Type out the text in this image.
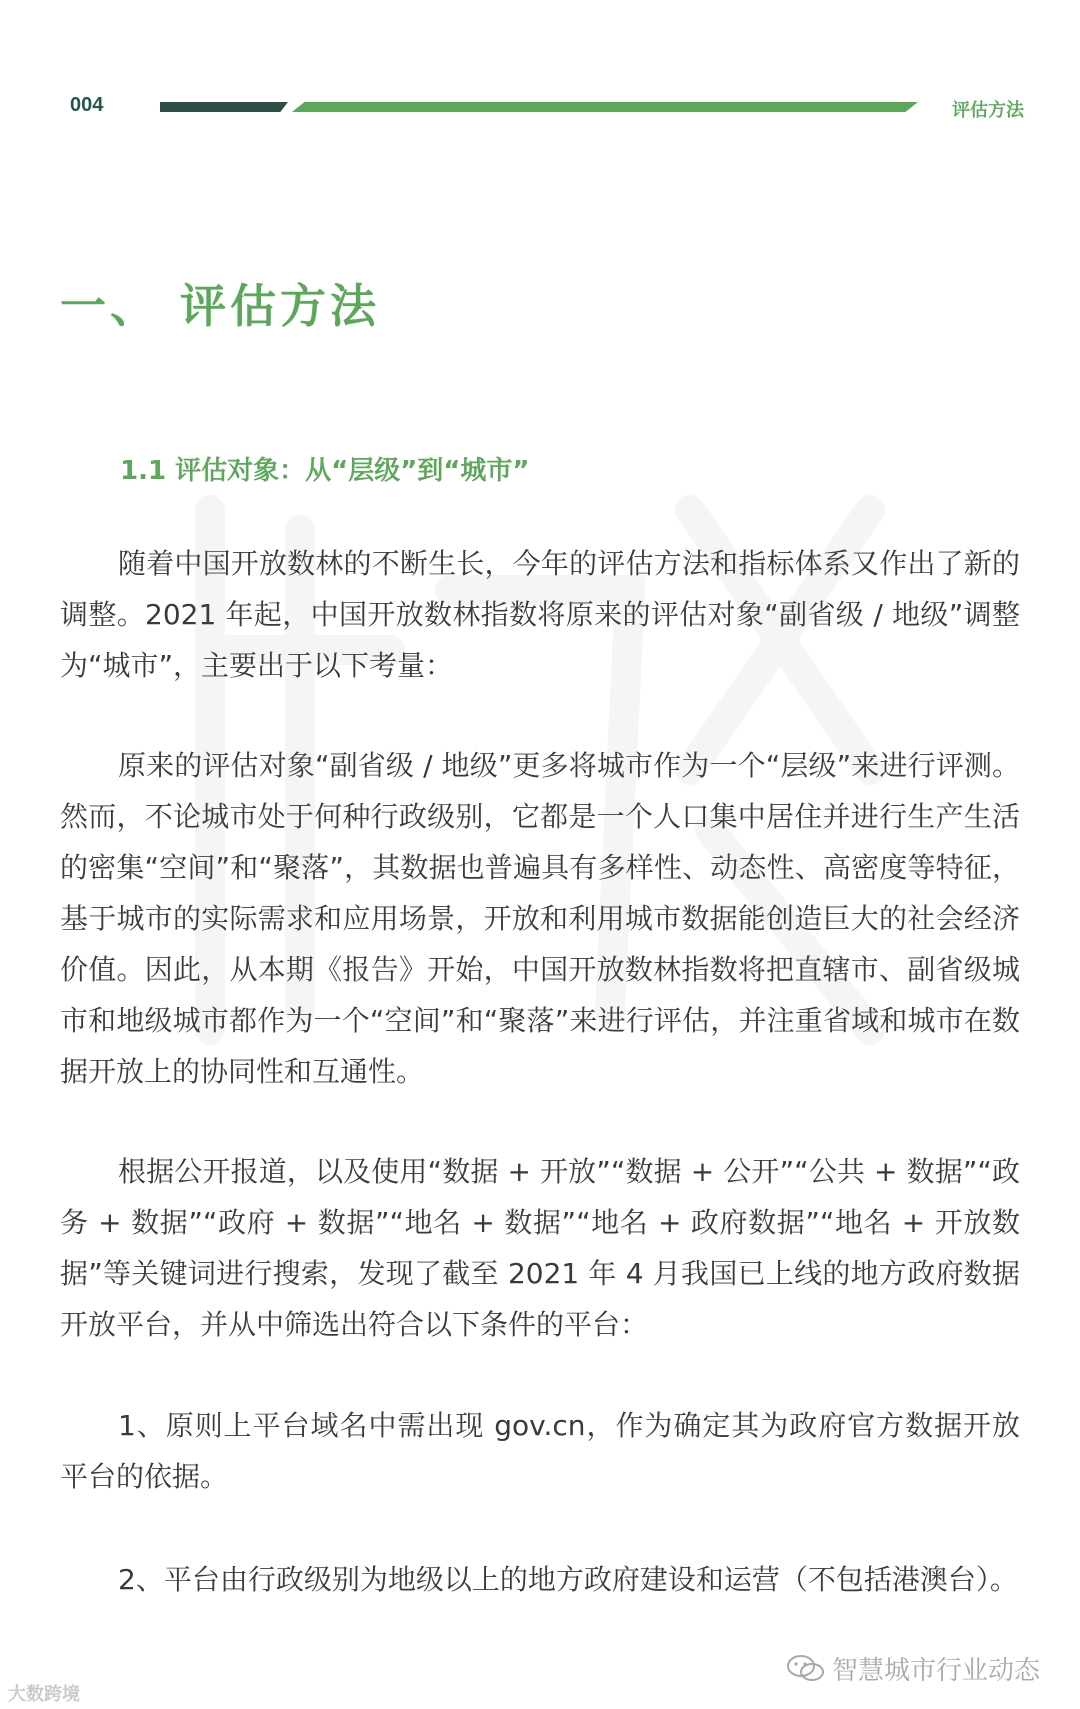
004	评估方法
一、 评估方法
1.1 评估对象：从“层级”到“城市”

随着中国开放数林的不断生长，今年的评估方法和指标体系又作出了新的调整。2021 年起，中国开放数林指数将原来的评估对象“副省级 / 地级”调整为“城市”，主要出于以下考量：

原来的评估对象“副省级 / 地级”更多将城市作为一个“层级”来进行评测。然而，不论城市处于何种行政级别，它都是一个人口集中居住并进行生产生活的密集“空间”和“聚落”，其数据也普遍具有多样性、动态性、高密度等特征，基于城市的实际需求和应用场景，开放和利用城市数据能创造巨大的社会经济价值。因此，从本期《报告》开始，中国开放数林指数将把直辖市、副省级城市和地级城市都作为一个“空间”和“聚落”来进行评估，并注重省域和城市在数据开放上的协同性和互通性。

根据公开报道，以及使用“数据 + 开放”“数据 + 公开”“公共 + 数据”“政务 + 数据”“政府 + 数据”“地名 + 数据”“地名 + 政府数据”“地名 + 开放数据”等关键词进行搜索，发现了截至 2021 年 4 月我国已上线的地方政府数据开放平台，并从中筛选出符合以下条件的平台：

1、原则上平台域名中需出现 gov.cn，作为确定其为政府官方数据开放平台的依据。

2、平台由行政级别为地级以上的地方政府建设和运营（不包括港澳台）。

大数跨境
智慧城市行业动态
